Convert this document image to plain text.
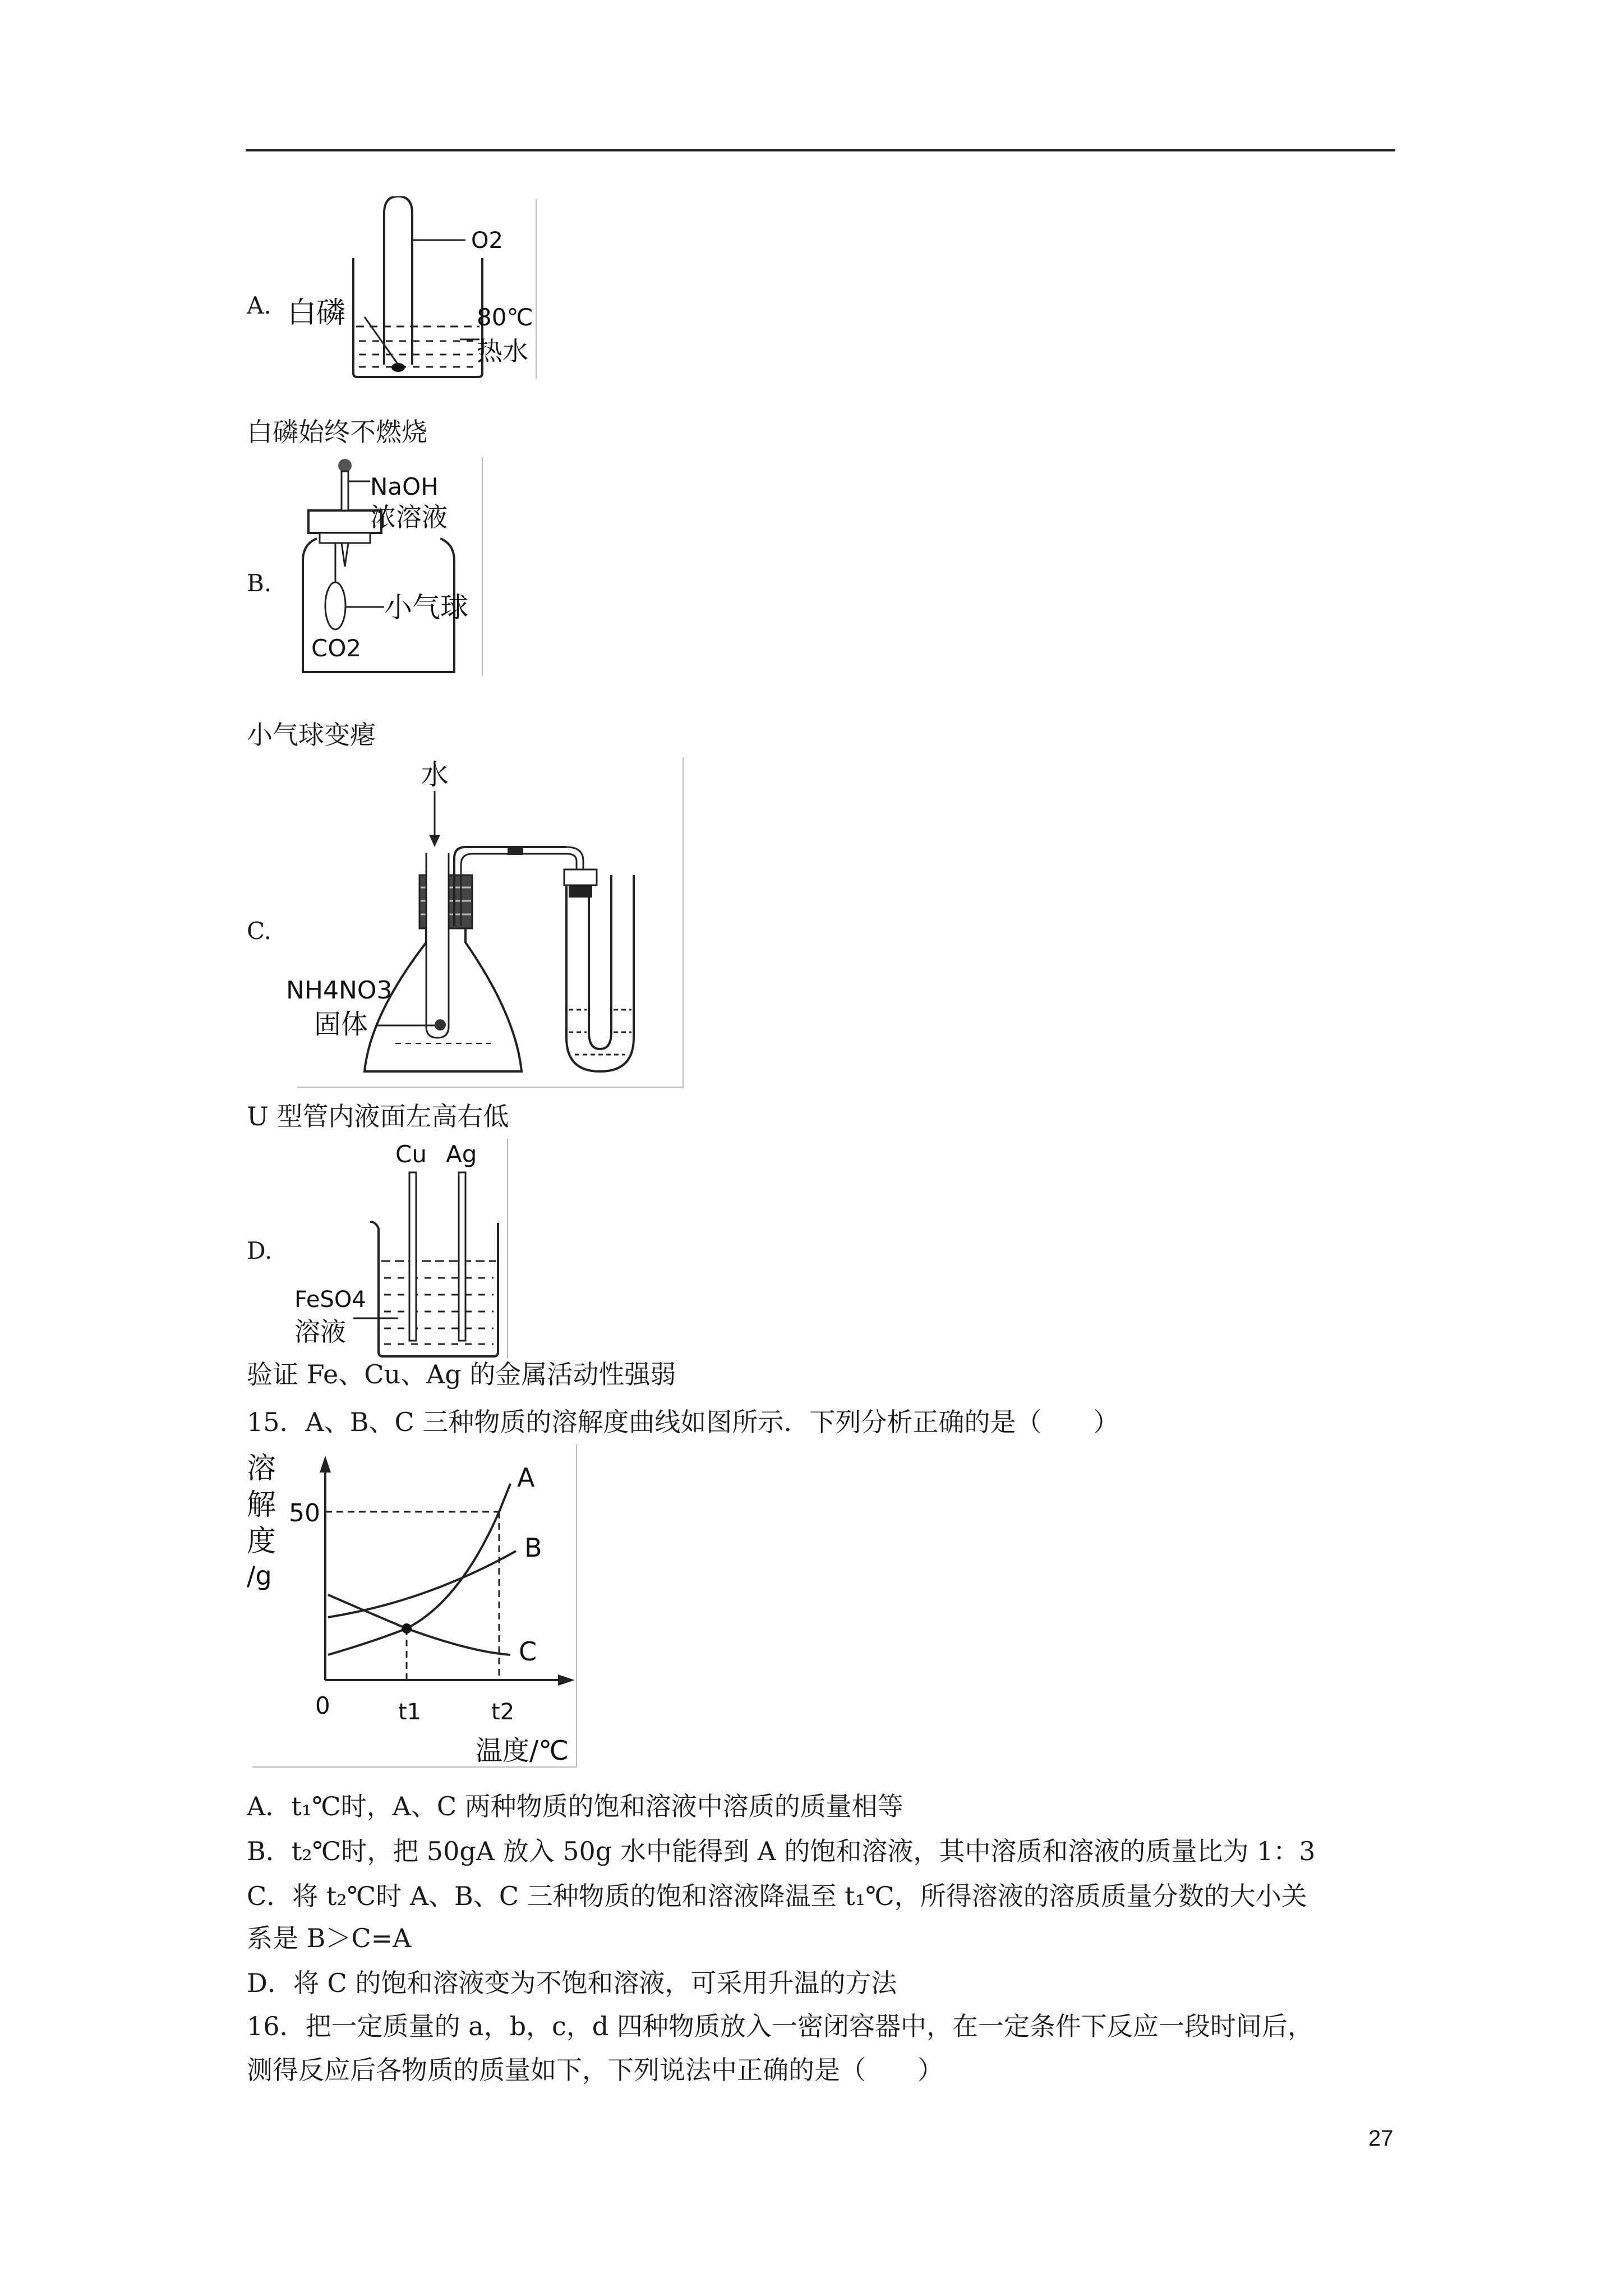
A.
O2
白磷	80℃
热水
白磷始终不燃烧
B.
NaOH
浓溶液
小气球
CO2
小气球变瘪
C.
水
NH4NO3
固体
U 型管内液面左高右低
D.
Cu Ag
FeSO4
溶液
验证 Fe、Cu、Ag 的金属活动性强弱
15．A、B、C 三种物质的溶解度曲线如图所示．下列分析正确的是（　　）
溶
解
度
/g
A
B
C
50
0	t1	t2
温度/℃
A．t₁℃时，A、C 两种物质的饱和溶液中溶质的质量相等
B．t₂℃时，把 50gA 放入 50g 水中能得到 A 的饱和溶液，其中溶质和溶液的质量比为 1：3
C．将 t₂℃时 A、B、C 三种物质的饱和溶液降温至 t₁℃，所得溶液的溶质质量分数的大小关
系是 B＞C=A
D．将 C 的饱和溶液变为不饱和溶液，可采用升温的方法
16．把一定质量的 a，b，c，d 四种物质放入一密闭容器中，在一定条件下反应一段时间后，
测得反应后各物质的质量如下，下列说法中正确的是（　　）
27
